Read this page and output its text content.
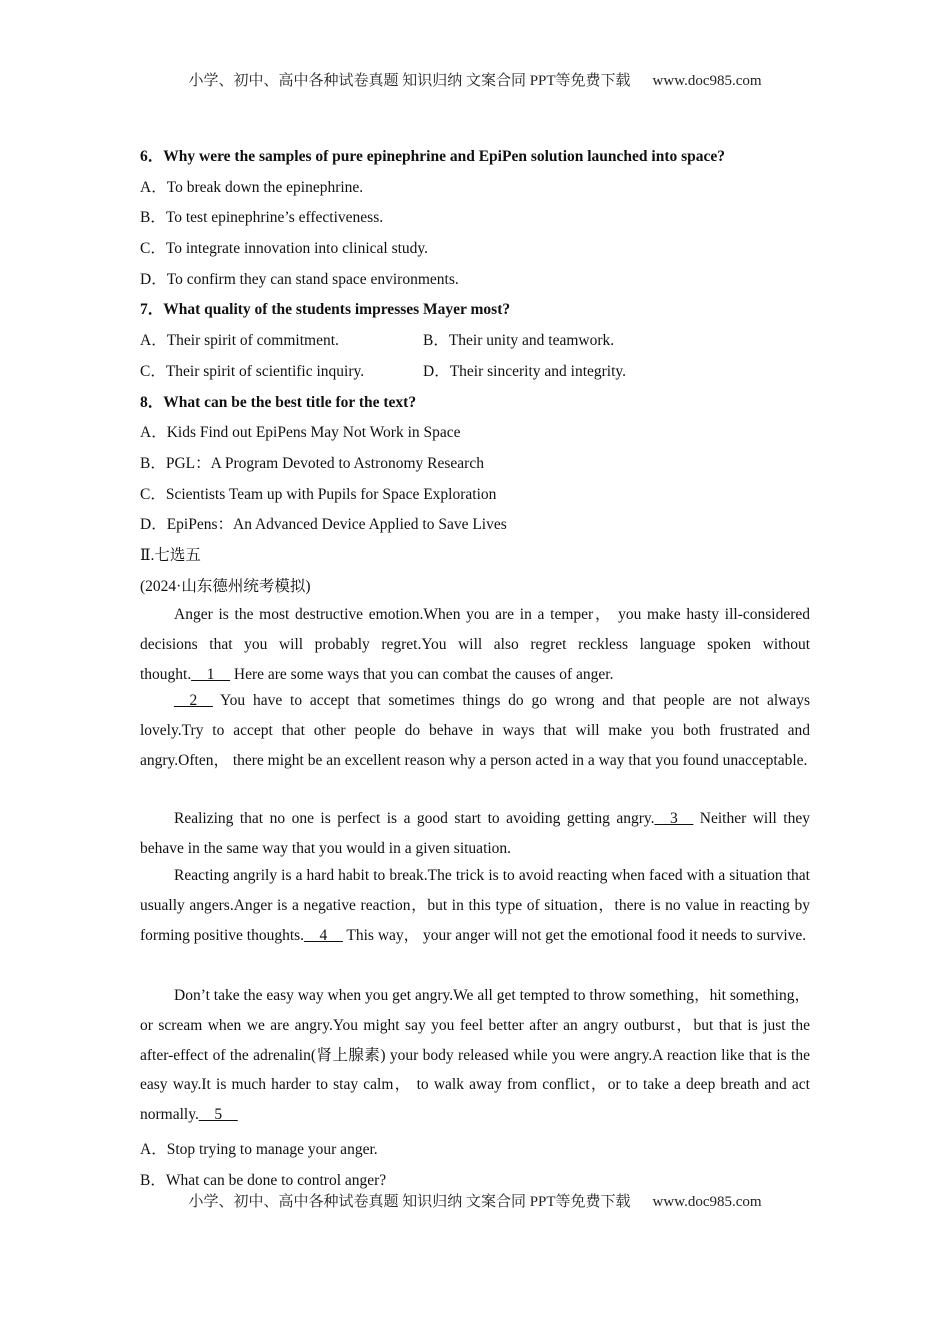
小学、初中、高中各种试卷真题 知识归纳 文案合同 PPT等免费下载 www.doc985.com
6．Why were the samples of pure epinephrine and EpiPen solution launched into space?
A．To break down the epinephrine.
B．To test epinephrine’s effectiveness.
C．To integrate innovation into clinical study.
D．To confirm they can stand space environments.
7．What quality of the students impresses Mayer most?
A．Their spirit of commitment.	B．Their unity and teamwork.
C．Their spirit of scientific inquiry.	D．Their sincerity and integrity.
8．What can be the best title for the text?
A．Kids Find out EpiPens May Not Work in Space
B．PGL：A Program Devoted to Astronomy Research
C．Scientists Team up with Pupils for Space Exploration
D．EpiPens：An Advanced Device Applied to Save Lives
Ⅱ.七选五
(2024·山东德州统考模拟)
Anger is the most destructive emotion.When you are in a temper， you make hasty ill-considered decisions that you will probably regret.You will also regret reckless language spoken without thought.__1__ Here are some ways that you can combat the causes of anger.
__2__ You have to accept that sometimes things do go wrong and that people are not always lovely.Try to accept that other people do behave in ways that will make you both frustrated and angry.Often， there might be an excellent reason why a person acted in a way that you found unacceptable.
Realizing that no one is perfect is a good start to avoiding getting angry.__3__ Neither will they behave in the same way that you would in a given situation.
Reacting angrily is a hard habit to break.The trick is to avoid reacting when faced with a situation that usually angers.Anger is a negative reaction，but in this type of situation，there is no value in reacting by forming positive thoughts.__4__ This way， your anger will not get the emotional food it needs to survive.
Don’t take the easy way when you get angry.We all get tempted to throw something，hit something，or scream when we are angry.You might say you feel better after an angry outburst，but that is just the after-effect of the adrenalin(肾上腺素) your body released while you were angry.A reaction like that is the easy way.It is much harder to stay calm， to walk away from conflict，or to take a deep breath and act normally.__5__
A．Stop trying to manage your anger.
B．What can be done to control anger?
小学、初中、高中各种试卷真题 知识归纳 文案合同 PPT等免费下载 www.doc985.com
